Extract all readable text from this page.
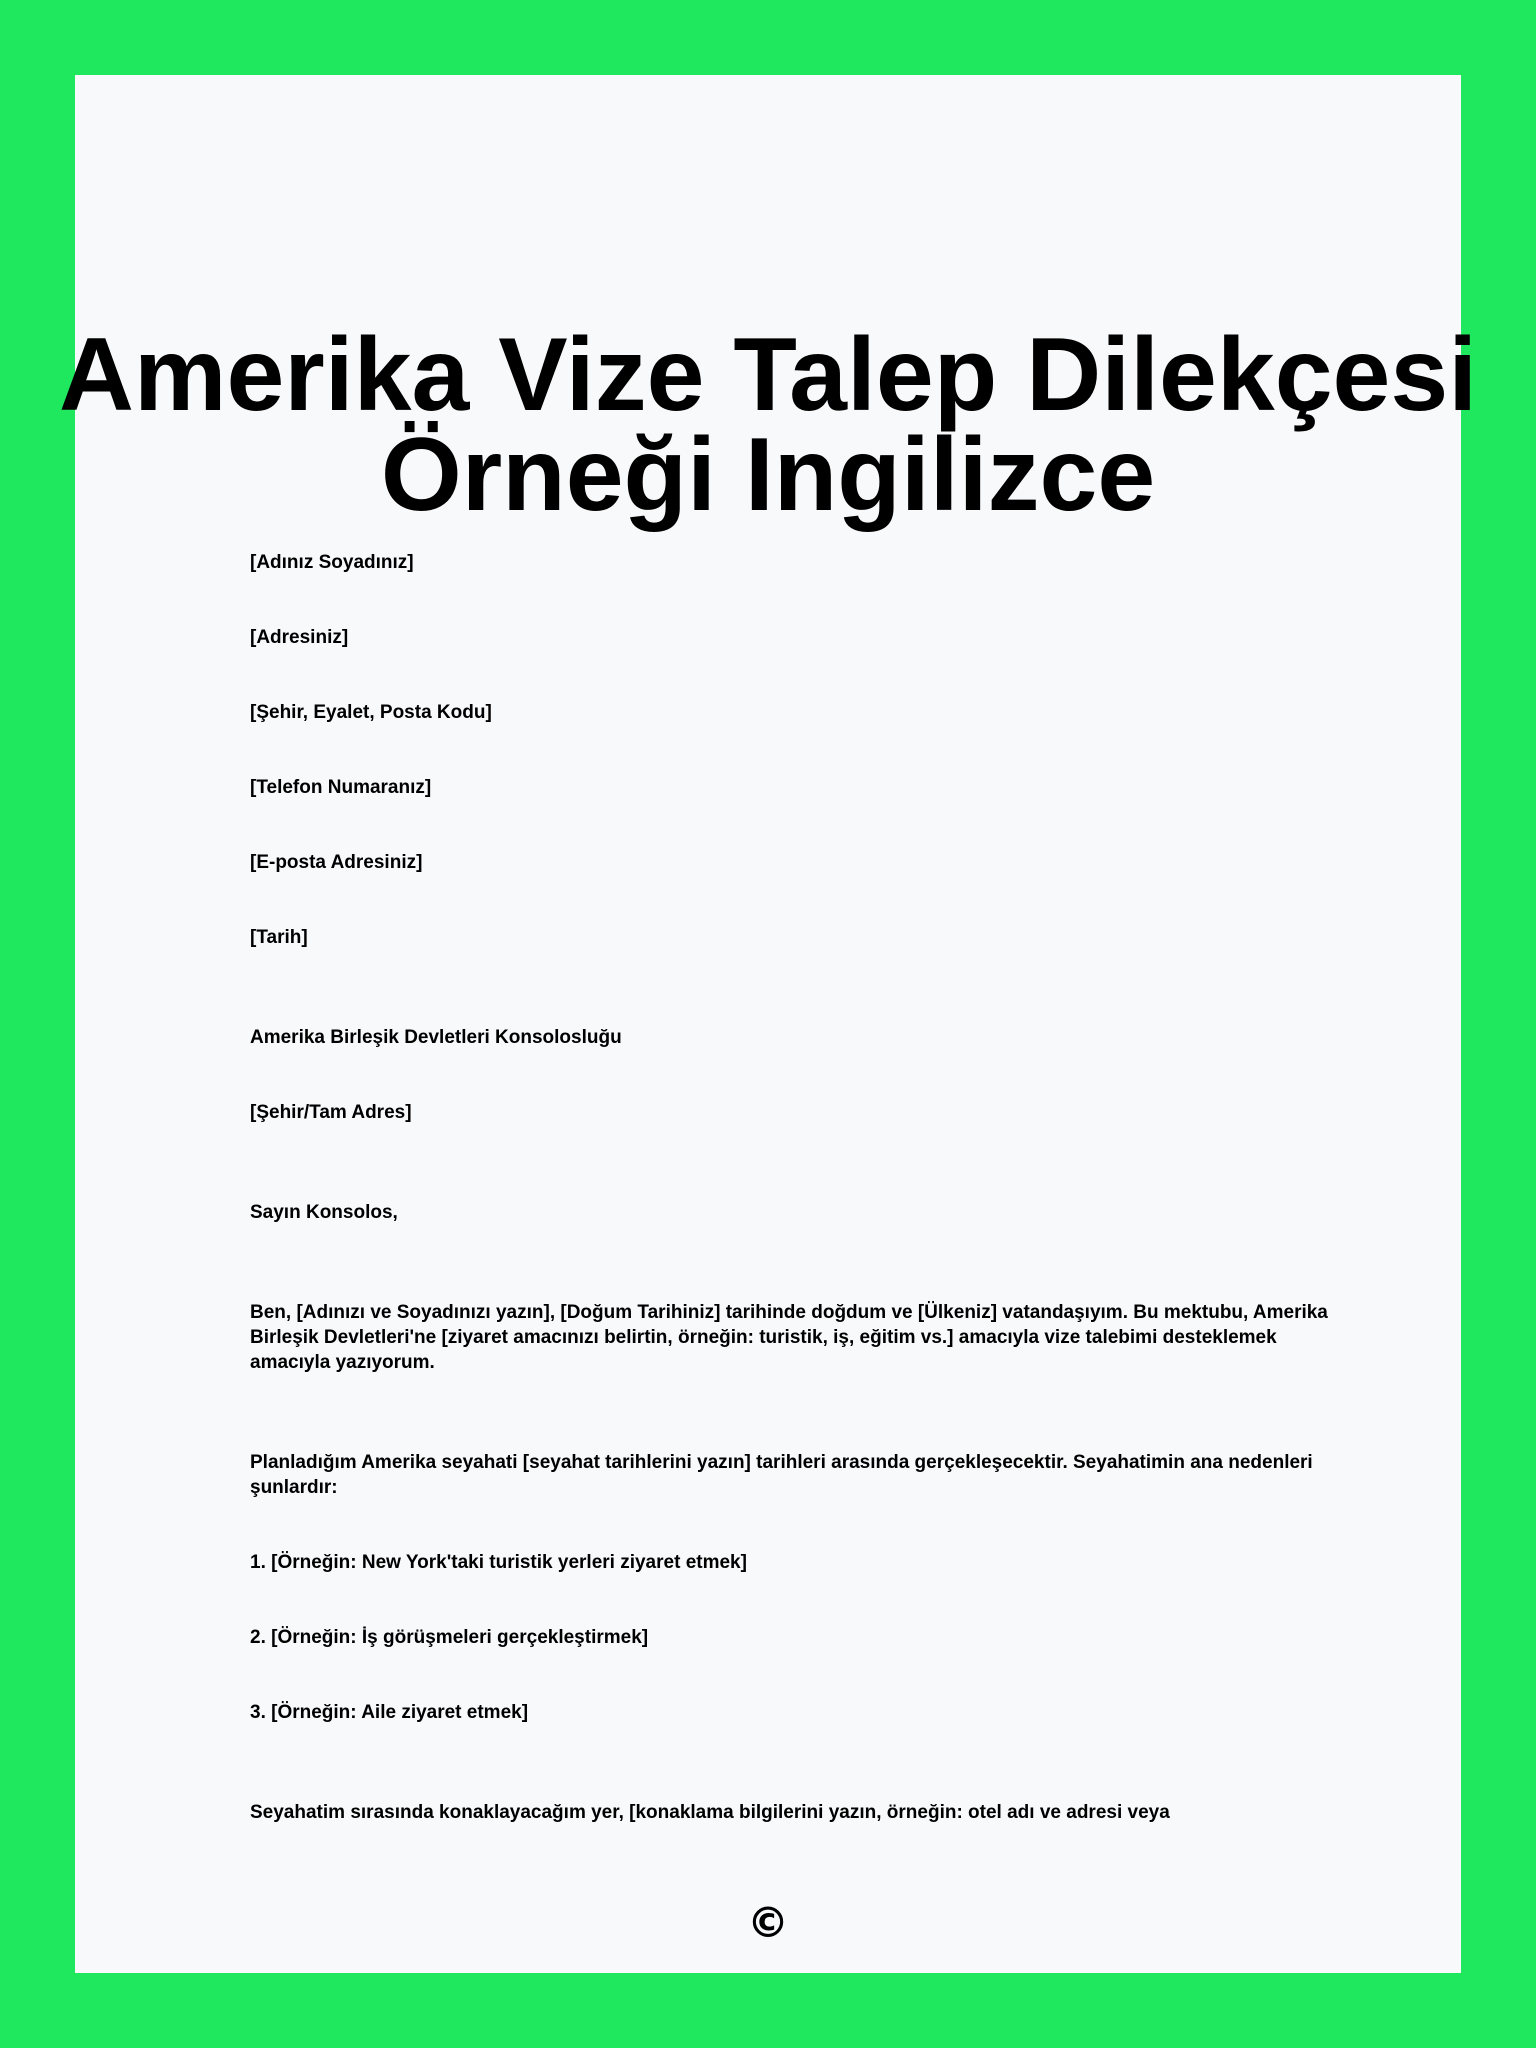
Amerika Vize Talep Dilekçesi
Örneği Ingilizce

[Adınız Soyadınız]

[Adresiniz]

[Şehir, Eyalet, Posta Kodu]

[Telefon Numaranız]

[E-posta Adresiniz]

[Tarih]

Amerika Birleşik Devletleri Konsolosluğu

[Şehir/Tam Adres]

Sayın Konsolos,

Ben, [Adınızı ve Soyadınızı yazın], [Doğum Tarihiniz] tarihinde doğdum ve [Ülkeniz] vatandaşıyım. Bu mektubu, Amerika Birleşik Devletleri'ne [ziyaret amacınızı belirtin, örneğin: turistik, iş, eğitim vs.] amacıyla vize talebimi desteklemek amacıyla yazıyorum.

Planladığım Amerika seyahati [seyahat tarihlerini yazın] tarihleri arasında gerçekleşecektir. Seyahatimin ana nedenleri şunlardır:

1. [Örneğin: New York'taki turistik yerleri ziyaret etmek]

2. [Örneğin: İş görüşmeleri gerçekleştirmek]

3. [Örneğin: Aile ziyaret etmek]

Seyahatim sırasında konaklayacağım yer, [konaklama bilgilerini yazın, örneğin: otel adı ve adresi veya

©
